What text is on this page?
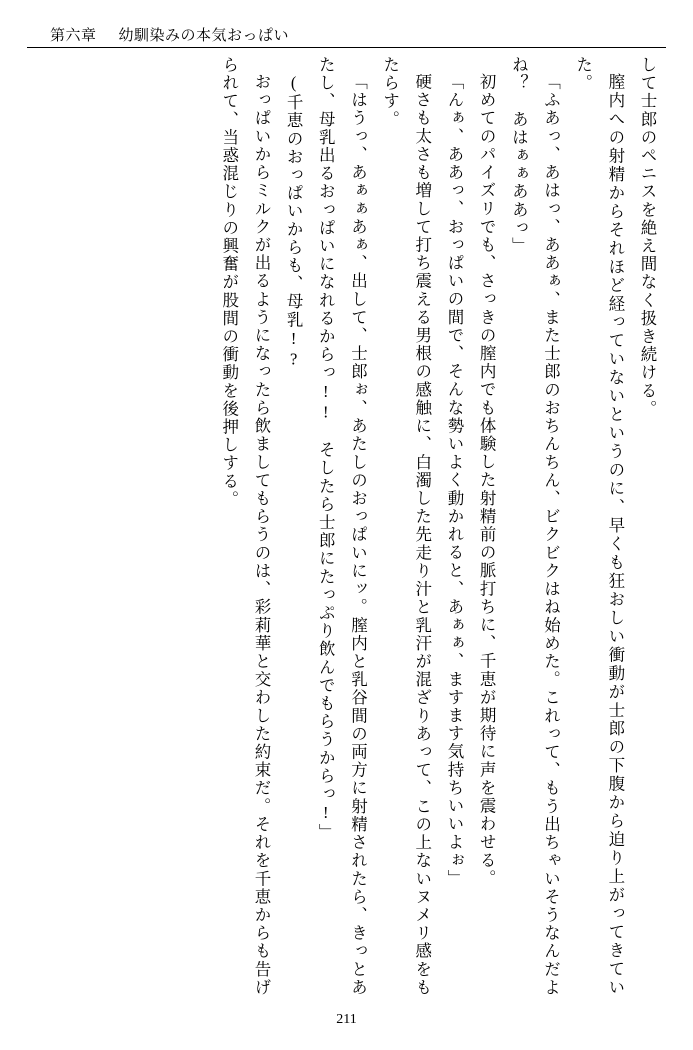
第六章 幼馴染みの本気おっぱい

して士郎のペニスを絶え間なく扱き続ける。

膣内への射精からそれほど経っていないというのに、早くも狂おしい衝動が士郎の下腹から迫り上がってきていた。

「ふあっ、あはっ、ああぁ、また士郎のおちんちん、ビクビクはね始めた。これって、もう出ちゃいそうなんだよね？　あはぁぁああっ」

初めてのパイズリでも、さっきの膣内でも体験した射精前の脈打ちに、千恵が期待に声を震わせる。

「んぁ、ああっ、おっぱいの間で、そんな勢いよく動かれると、あぁぁ、ますます気持ちいいよぉ」

硬さも太さも増して打ち震える男根の感触に、白濁した先走り汁と乳汗が混ざりあって、この上ないヌメリ感をもたらす。

「はうっ、あぁぁあぁ、出して、士郎ぉ、あたしのおっぱいにッ。膣内と乳谷間の両方に射精されたら、きっとあたし、母乳出るおっぱいになれるからっ!!　そしたら士郎にたっぷり飲んでもらうからっ!」

(千恵のおっぱいからも、母乳!?

おっぱいからミルクが出るようになったら飲ましてもらうのは、彩莉華と交わした約束だ。それを千恵からも告げられて、当惑混じりの興奮が股間の衝動を後押しする。

211
